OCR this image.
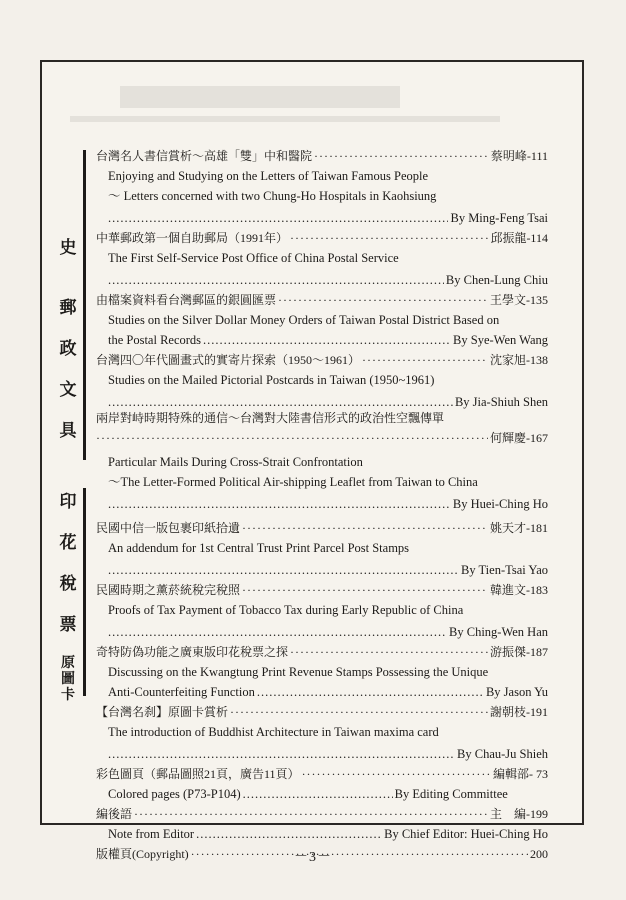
史
郵
政
文
具
印
花
稅
票
原
圖
卡
台灣名人書信賞析～高雄「雙」中和醫院 ·····	蔡明峰-111
Enjoying and Studying on the Letters of Taiwan Famous People
～ Letters concerned with two Chung-Ho Hospitals in Kaohsiung
.....
By Ming-Feng Tsai
中華郵政第一個自助郵局（1991年） ·····	邱振龍-114
The First Self-Service Post Office of China Postal Service
.....
By Chen-Lung Chiu
由檔案資料看台灣郵區的銀圓匯票 ·····	王學文-135
Studies on the Silver Dollar Money Orders of Taiwan Postal District Based on
the Postal Records .....	By Sye-Wen Wang
台灣四〇年代圖畫式的實寄片探索（1950～1961） ·····	沈家旭-138
Studies on the Mailed Pictorial Postcards in Taiwan (1950~1961)
.....
By Jia-Shiuh Shen
兩岸對峙時期特殊的通信～台灣對大陸書信形式的政治性空飄傳單
·····
何輝慶-167
Particular Mails During Cross-Strait Confrontation
～The Letter-Formed Political Air-shipping Leaflet from Taiwan to China
.....
By Huei-Ching Ho
民國中信一版包裹印紙拾遺 ·····	姚天才-181
An addendum for 1st Central Trust Print Parcel Post Stamps
.....
By Tien-Tsai Yao
民國時期之薰菸統稅完稅照 ·····	韓進文-183
Proofs of Tax Payment of Tobacco Tax during Early Republic of China
.....
By Ching-Wen Han
奇特防偽功能之廣東版印花稅票之探 ·····	游振傑-187
Discussing on the Kwangtung Print Revenue Stamps Possessing the Unique
Anti-Counterfeiting Function .....	By Jason Yu
【台灣名刹】原圖卡賞析 ·····	謝朝枝-191
The introduction of Buddhist Architecture in Taiwan maxima card
.....
By Chau-Ju Shieh
彩色圖頁（郵品圖照21頁，廣告11頁） ·····	編輯部- 73
Colored pages (P73-P104) .....	By Editing Committee
編後語 ·····	主　編-199
Note from Editor .....	By Chief Editor: Huei-Ching Ho
版權頁(Copyright) ·····	200
－3－
